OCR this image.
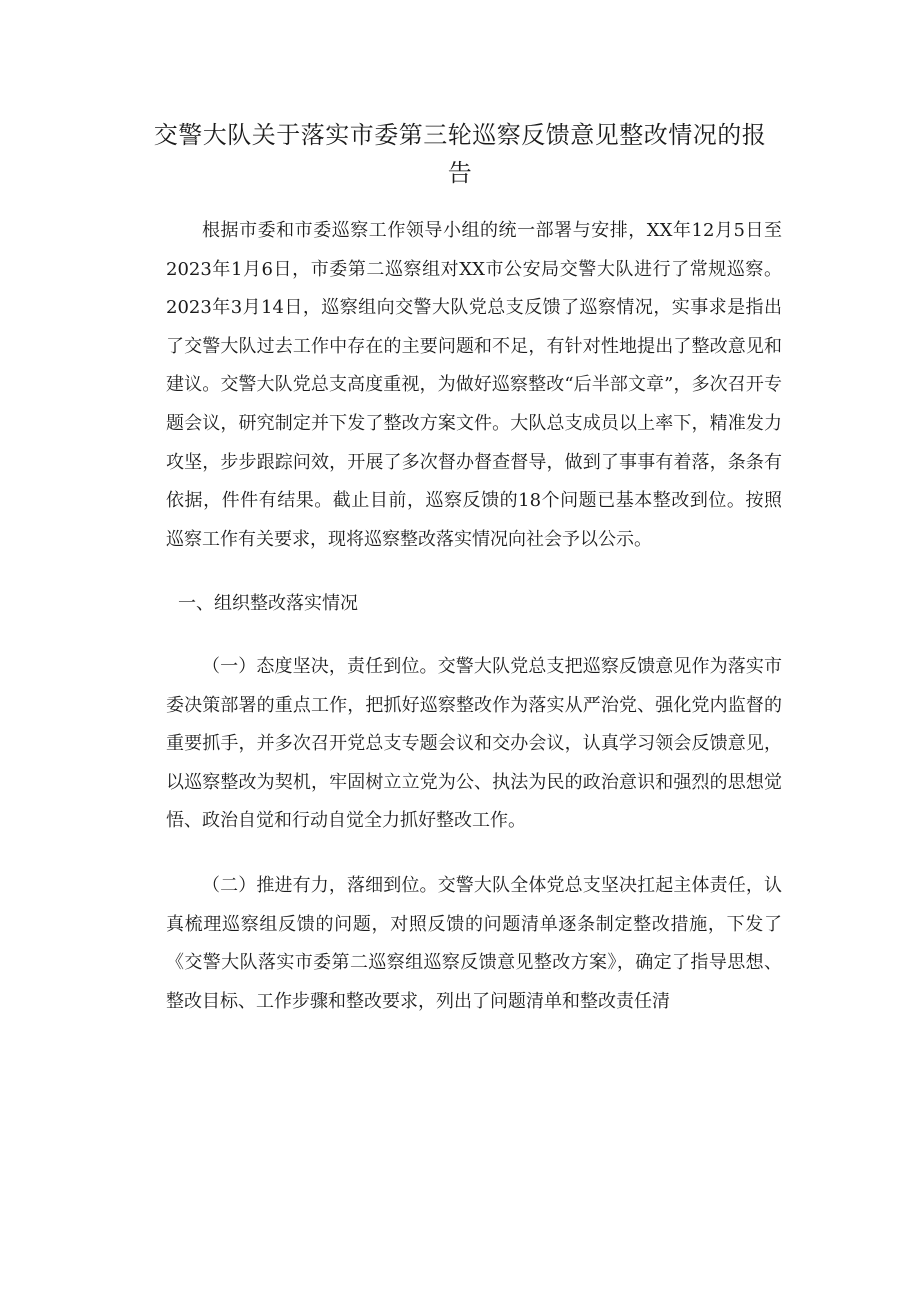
交警大队关于落实市委第三轮巡察反馈意见整改情况的报
告

根据市委和市委巡察工作领导小组的统一部署与安排，XX年12月5日至2023年1月6日，市委第二巡察组对XX市公安局交警大队进行了常规巡察。2023年3月14日，巡察组向交警大队党总支反馈了巡察情况，实事求是指出了交警大队过去工作中存在的主要问题和不足，有针对性地提出了整改意见和建议。交警大队党总支高度重视，为做好巡察整改“后半部文章”，多次召开专题会议，研究制定并下发了整改方案文件。大队总支成员以上率下，精准发力攻坚，步步跟踪问效，开展了多次督办督查督导，做到了事事有着落，条条有依据，件件有结果。截止目前，巡察反馈的18个问题已基本整改到位。按照巡察工作有关要求，现将巡察整改落实情况向社会予以公示。

一、组织整改落实情况

（一）态度坚决，责任到位。交警大队党总支把巡察反馈意见作为落实市委决策部署的重点工作，把抓好巡察整改作为落实从严治党、强化党内监督的重要抓手，并多次召开党总支专题会议和交办会议，认真学习领会反馈意见，以巡察整改为契机，牢固树立立党为公、执法为民的政治意识和强烈的思想觉悟、政治自觉和行动自觉全力抓好整改工作。

（二）推进有力，落细到位。交警大队全体党总支坚决扛起主体责任，认真梳理巡察组反馈的问题，对照反馈的问题清单逐条制定整改措施，下发了《交警大队落实市委第二巡察组巡察反馈意见整改方案》，确定了指导思想、整改目标、工作步骤和整改要求，列出了问题清单和整改责任清
